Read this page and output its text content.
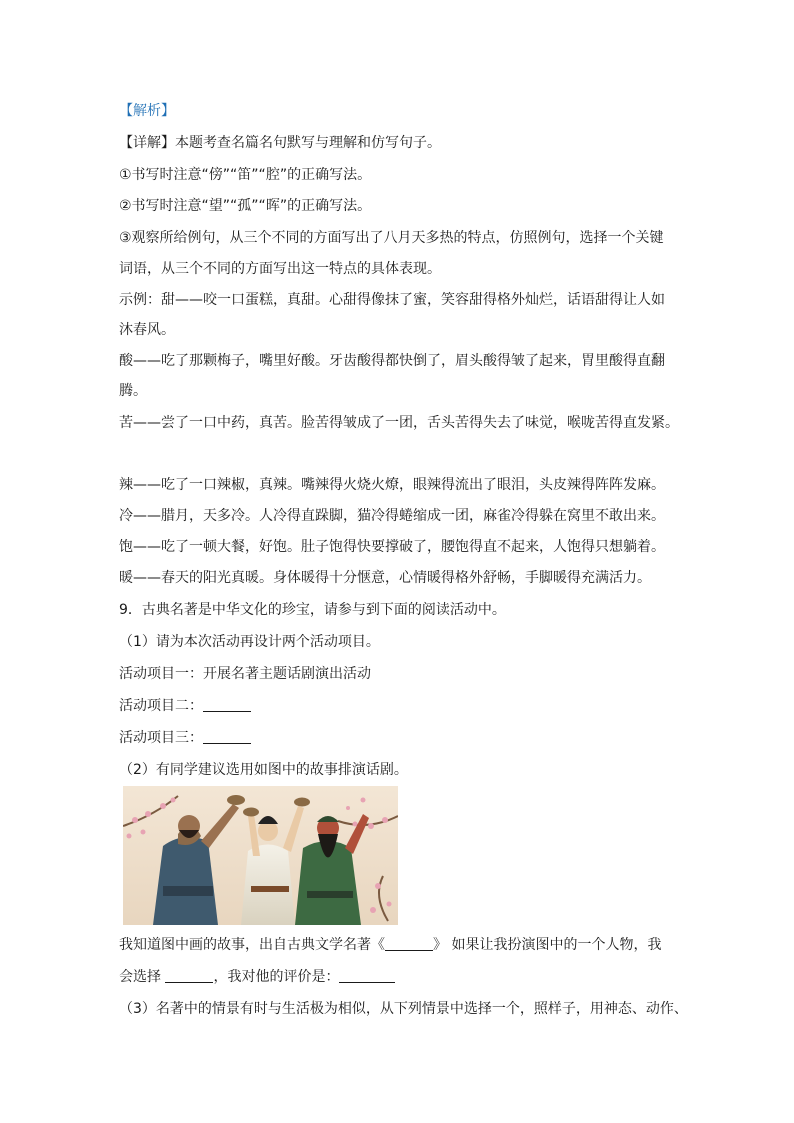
【解析】
【详解】本题考查名篇名句默写与理解和仿写句子。
①书写时注意“傍”“笛”“腔”的正确写法。
②书写时注意“望”“孤”“晖”的正确写法。
③观察所给例句，从三个不同的方面写出了八月天多热的特点，仿照例句，选择一个关键
词语，从三个不同的方面写出这一特点的具体表现。
示例：甜——咬一口蛋糕，真甜。心甜得像抹了蜜，笑容甜得格外灿烂，话语甜得让人如
沐春风。
酸——吃了那颗梅子，嘴里好酸。牙齿酸得都快倒了，眉头酸得皱了起来，胃里酸得直翻
腾。
苦——尝了一口中药，真苦。脸苦得皱成了一团，舌头苦得失去了味觉，喉咙苦得直发紧。
辣——吃了一口辣椒，真辣。嘴辣得火烧火燎，眼辣得流出了眼泪，头皮辣得阵阵发麻。
冷——腊月，天多冷。人冷得直跺脚，猫冷得蜷缩成一团，麻雀冷得躲在窝里不敢出来。
饱——吃了一顿大餐，好饱。肚子饱得快要撑破了，腰饱得直不起来，人饱得只想躺着。
暖——春天的阳光真暖。身体暖得十分惬意，心情暖得格外舒畅，手脚暖得充满活力。
9．古典名著是中华文化的珍宝，请参与到下面的阅读活动中。
（1）请为本次活动再设计两个活动项目。
活动项目一：开展名著主题话剧演出活动
活动项目二：
活动项目三：
（2）有同学建议选用如图中的故事排演话剧。
我知道图中画的故事，出自古典文学名著《	》 如果让我扮演图中的一个人物，我
会选择	，我对他的评价是：
（3）名著中的情景有时与生活极为相似，从下列情景中选择一个，照样子，用神态、动作、
